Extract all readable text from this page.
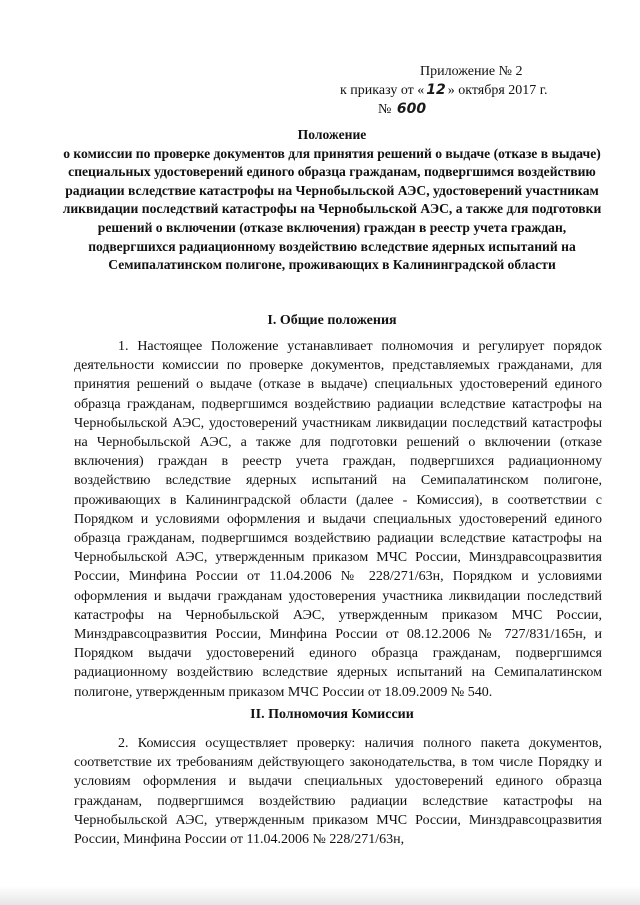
Приложение № 2
к приказу от « 12 » октября 2017 г.
№ 600
Положение
о комиссии по проверке документов для принятия решений о выдаче (отказе в выдаче) специальных удостоверений единого образца гражданам, подвергшимся воздействию радиации вследствие катастрофы на Чернобыльской АЭС, удостоверений участникам ликвидации последствий катастрофы на Чернобыльской АЭС, а также для подготовки решений о включении (отказе включения) граждан в реестр учета граждан, подвергшихся радиационному воздействию вследствие ядерных испытаний на Семипалатинском полигоне, проживающих в Калининградской области
I. Общие положения
1. Настоящее Положение устанавливает полномочия и регулирует порядок деятельности комиссии по проверке документов, представляемых гражданами, для принятия решений о выдаче (отказе в выдаче) специальных удостоверений единого образца гражданам, подвергшимся воздействию радиации вследствие катастрофы на Чернобыльской АЭС, удостоверений участникам ликвидации последствий катастрофы на Чернобыльской АЭС, а также для подготовки решений о включении (отказе включения) граждан в реестр учета граждан, подвергшихся радиационному воздействию вследствие ядерных испытаний на Семипалатинском полигоне, проживающих в Калининградской области (далее - Комиссия), в соответствии с Порядком и условиями оформления и выдачи специальных удостоверений единого образца гражданам, подвергшимся воздействию радиации вследствие катастрофы на Чернобыльской АЭС, утвержденным приказом МЧС России, Минздравсоцразвития России, Минфина России от 11.04.2006 № 228/271/63н, Порядком и условиями оформления и выдачи гражданам удостоверения участника ликвидации последствий катастрофы на Чернобыльской АЭС, утвержденным приказом МЧС России, Минздравсоцразвития России, Минфина России от 08.12.2006 № 727/831/165н, и Порядком выдачи удостоверений единого образца гражданам, подвергшимся радиационному воздействию вследствие ядерных испытаний на Семипалатинском полигоне, утвержденным приказом МЧС России от 18.09.2009 № 540.
II. Полномочия Комиссии
2. Комиссия осуществляет проверку: наличия полного пакета документов, соответствие их требованиям действующего законодательства, в том числе Порядку и условиям оформления и выдачи специальных удостоверений единого образца гражданам, подвергшимся воздействию радиации вследствие катастрофы на Чернобыльской АЭС, утвержденным приказом МЧС России, Минздравсоцразвития России, Минфина России от 11.04.2006 № 228/271/63н,
